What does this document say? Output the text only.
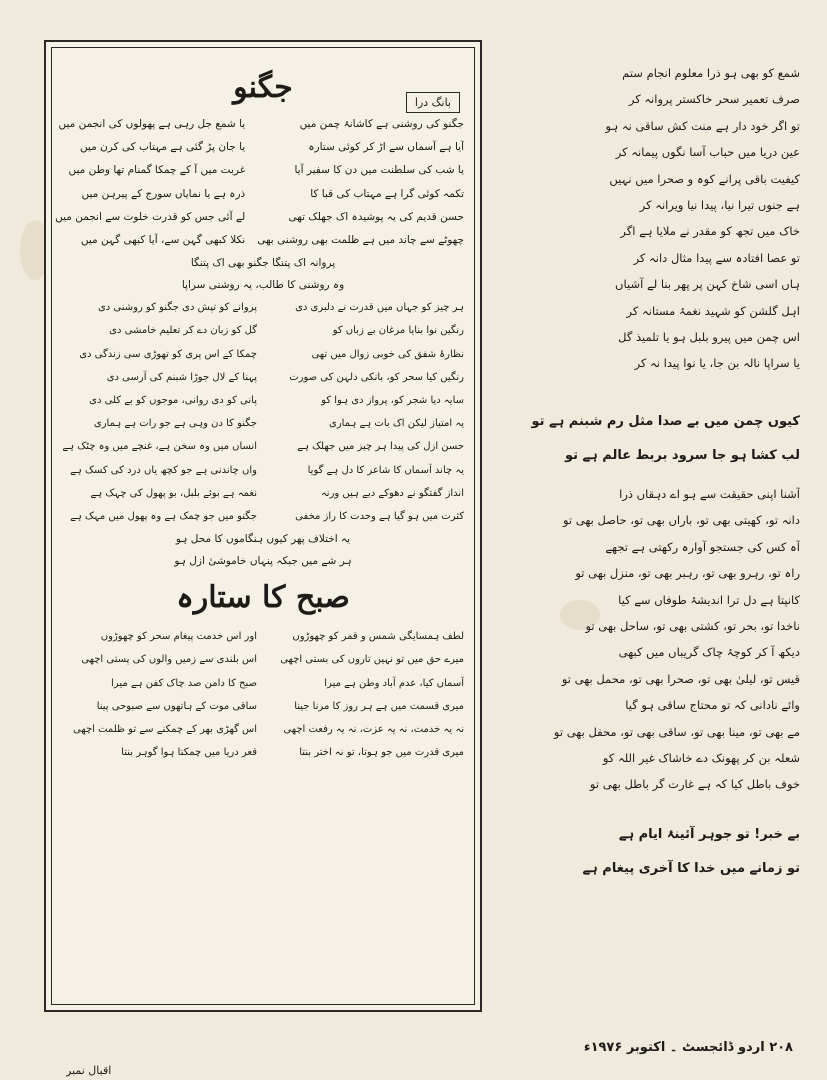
بانگ درا
جگنو
جگنو کی روشنی ہے کاشانۂ چمن میں
آیا ہے آسماں سے اڑ کر کوئی ستارہ
یا شب کی سلطنت میں دن کا سفیر آیا
تکمہ کوئی گرا ہے مہتاب کی قبا کا
حسن قدیم کی یہ پوشیدہ اک جھلک تھی
چھوٹے سے چاند میں ہے ظلمت بھی روشنی بھی
یا شمع جل رہی ہے پھولوں کی انجمن میں
یا جان پڑ گئی ہے مہتاب کی کرن میں
غربت میں آ کے چمکا گمنام تھا وطن میں
ذرہ ہے یا نمایاں سورج کے پیرہن میں
لے آئی جس کو قدرت خلوت سے انجمن میں
نکلا کبھی گہن سے، آیا کبھی گہن میں
پروانہ اک پتنگا جگنو بھی اک پتنگا
وہ روشنی کا طالب، یہ روشنی سراپا
ہر چیز کو جہاں میں قدرت نے دلبری دی
رنگیں نوا بنایا مرغان بے زباں کو
نظارۂ شفق کی خوبی زوال میں تھی
رنگیں کیا سحر کو، بانکی دلہن کی صورت
سایہ دیا شجر کو، پرواز دی ہوا کو
یہ امتیاز لیکن اک بات ہے ہماری
حسن ازل کی پیدا ہر چیز میں جھلک ہے
یہ چاند آسماں کا شاعر کا دل ہے گویا
انداز گفتگو نے دھوکے دیے ہیں ورنہ
کثرت میں ہو گیا ہے وحدت کا راز مخفی
پروانے کو تپش دی جگنو کو روشنی دی
گل کو زبان دے کر تعلیم خامشی دی
چمکا کے اس پری کو تھوڑی سی زندگی دی
پہنا کے لال جوڑا شبنم کی آرسی دی
پانی کو دی روانی، موجوں کو بے کلی دی
جگنو کا دن وہی ہے جو رات ہے ہماری
انساں میں وہ سخن ہے، غنچے میں وہ چٹک ہے
واں چاندنی ہے جو کچھ یاں درد کی کسک ہے
نغمہ ہے بوئے بلبل، بو پھول کی چہک ہے
جگنو میں جو چمک ہے وہ پھول میں مہک ہے
یہ اختلاف پھر کیوں ہنگاموں کا محل ہو
ہر شے میں جبکہ پنہاں خاموشیٔ ازل ہو
صبح کا ستارہ
لطف ہمسایگی شمس و قمر کو چھوڑوں
میرے حق میں تو نہیں تاروں کی بستی اچھی
آسماں کیا، عدم آباد وطن ہے میرا
میری قسمت میں ہے ہر روز کا مرنا جینا
نہ یہ خدمت، نہ یہ عزت، نہ یہ رفعت اچھی
میری قدرت میں جو ہوتا، تو نہ اختر بنتا
اور اس خدمت پیغام سحر کو چھوڑوں
اس بلندی سے زمیں والوں کی پستی اچھی
صبح کا دامن صد چاک کفن ہے میرا
ساقی موت کے ہاتھوں سے صبوحی پینا
اس گھڑی بھر کے چمکنے سے تو ظلمت اچھی
قعر دریا میں چمکتا ہوا گوہر بنتا
شمع کو بھی ہو ذرا معلوم انجام ستم
صرف تعمیر سحر خاکستر پروانہ کر
تو اگر خود دار ہے منت کش ساقی نہ ہو
عین دریا میں حباب آسا نگوں پیمانہ کر
کیفیت باقی پرانے کوہ و صحرا میں نہیں
ہے جنوں تیرا نیا، پیدا نیا ویرانہ کر
خاک میں تجھ کو مقدر نے ملایا ہے اگر
تو عصا افتادہ سے پیدا مثال دانہ کر
ہاں اسی شاخ کہن پر پھر بنا لے آشیاں
اہل گلشن کو شہید نغمۂ مستانہ کر
اس چمن میں پیرو بلبل ہو یا تلمیذ گل
یا سراپا نالہ بن جا، یا نوا پیدا نہ کر
کیوں چمن میں بے صدا مثل رم شبنم ہے تو
لب کشا ہو جا سرود بربط عالم ہے تو
آشنا اپنی حقیقت سے ہو اے دہقاں ذرا
دانہ تو، کھیتی بھی تو، باراں بھی تو، حاصل بھی تو
آہ کس کی جستجو آوارہ رکھتی ہے تجھے
راہ تو، رہرو بھی تو، رہبر بھی تو، منزل بھی تو
کانپتا ہے دل ترا اندیشۂ طوفاں سے کیا
ناخدا تو، بحر تو، کشتی بھی تو، ساحل بھی تو
دیکھ آ کر کوچۂ چاک گریباں میں کبھی
قیس تو، لیلیٰ بھی تو، صحرا بھی تو، محمل بھی تو
وائے نادانی کہ تو محتاج ساقی ہو گیا
مے بھی تو، مینا بھی تو، ساقی بھی تو، محفل بھی تو
شعلہ بن کر پھونک دے خاشاک غیر اللہ کو
خوف باطل کیا کہ ہے غارت گر باطل بھی تو
بے خبر! تو جوہر آئینۂ ایام ہے
تو زمانے میں خدا کا آخری پیغام ہے
۲۰۸ اردو ڈائجسٹ ۔ اکتوبر ۱۹۷۶ء
اقبال نمبر
